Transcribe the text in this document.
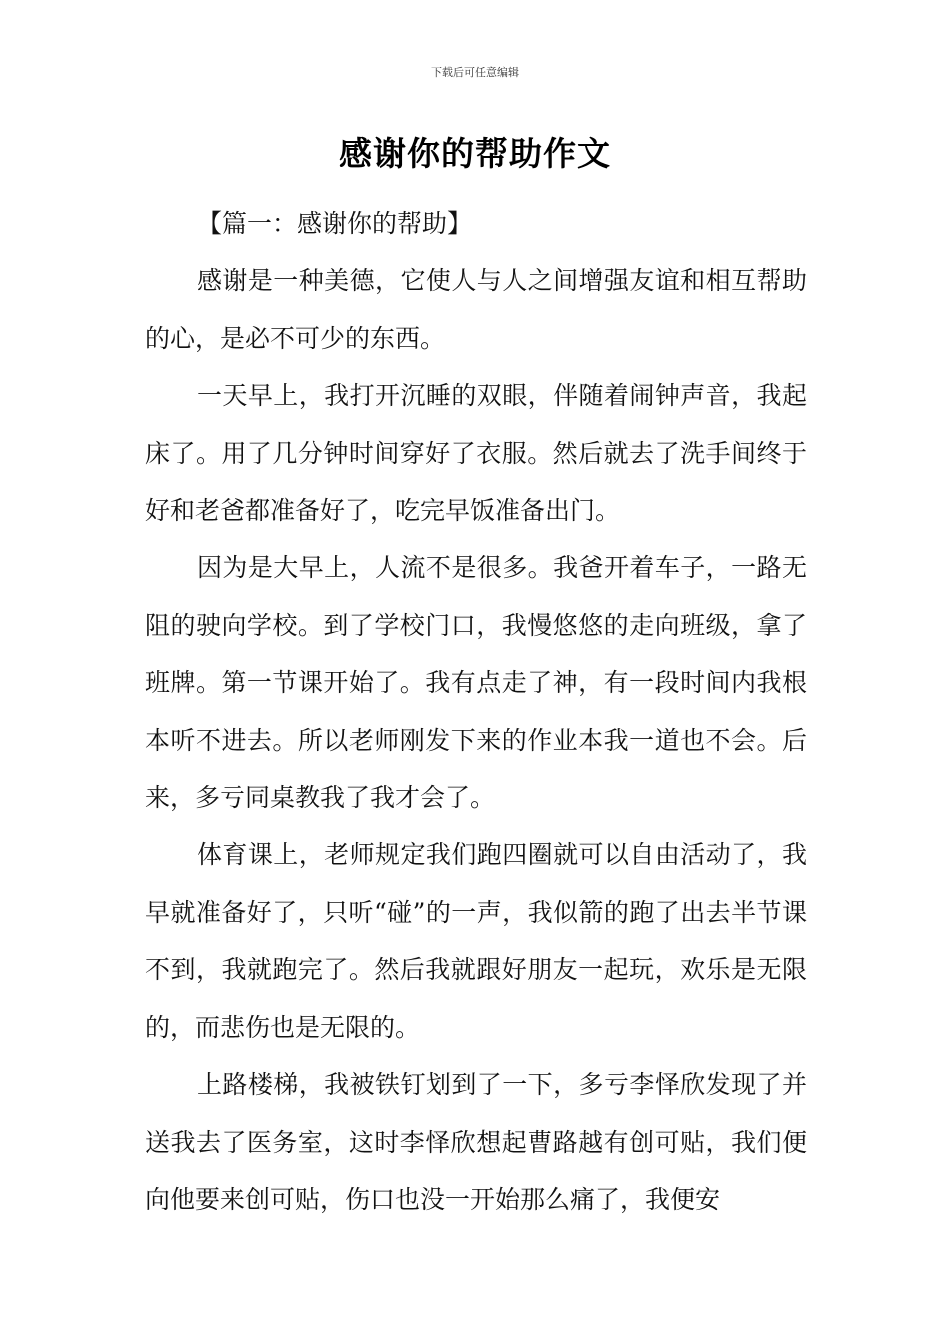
下载后可任意编辑
感谢你的帮助作文

【篇一：感谢你的帮助】

感谢是一种美德，它使人与人之间增强友谊和相互帮助的心，是必不可少的东西。

一天早上，我打开沉睡的双眼，伴随着闹钟声音，我起床了。用了几分钟时间穿好了衣服。然后就去了洗手间终于好和老爸都准备好了，吃完早饭准备出门。

因为是大早上，人流不是很多。我爸开着车子，一路无阻的驶向学校。到了学校门口，我慢悠悠的走向班级，拿了班牌。第一节课开始了。我有点走了神，有一段时间内我根本听不进去。所以老师刚发下来的作业本我一道也不会。后来，多亏同桌教我了我才会了。

体育课上，老师规定我们跑四圈就可以自由活动了，我早就准备好了，只听“碰”的一声，我似箭的跑了出去半节课不到，我就跑完了。然后我就跟好朋友一起玩，欢乐是无限的，而悲伤也是无限的。

上路楼梯，我被铁钉划到了一下，多亏李怿欣发现了并送我去了医务室，这时李怿欣想起曹路越有创可贴，我们便向他要来创可贴，伤口也没一开始那么痛了，我便安
